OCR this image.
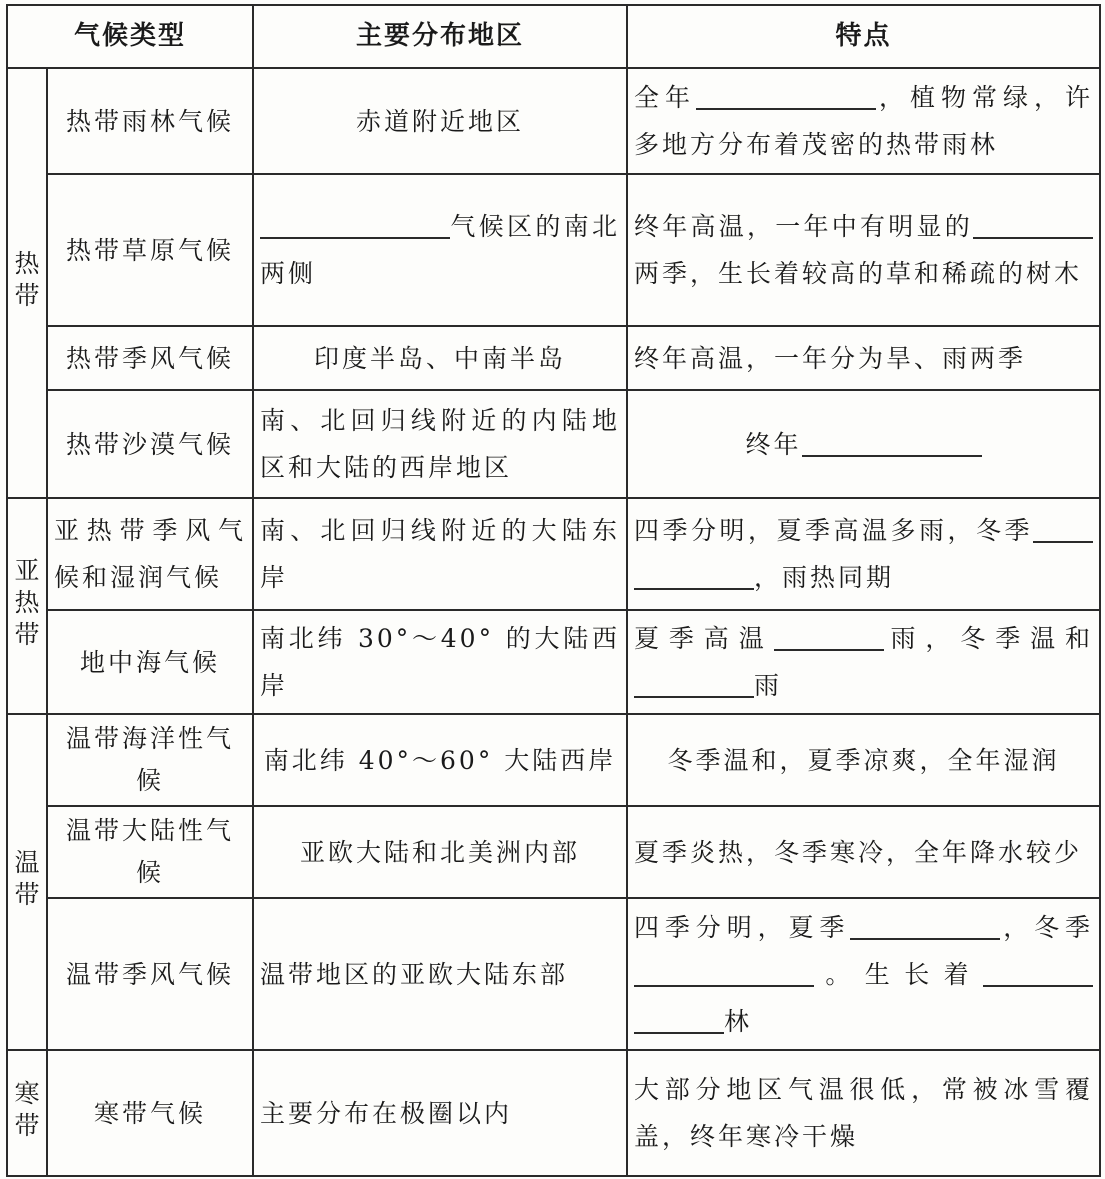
气候类型		主要分布地区	特点
热带	热带雨林气候	赤道附近地区	全年 ，植物常绿，许多地方分布着茂密的热带雨林
	热带草原气候	气候区的南北两侧	终年高温，一年中有明显的两季，生长着较高的草和稀疏的树木
	热带季风气候	印度半岛、中南半岛	终年高温，一年分为旱、雨两季
	热带沙漠气候	南、北回归线附近的内陆地区和大陆的西岸地区	终年
亚热带	亚热带季风气候和湿润气候	南、北回归线附近的大陆东岸	四季分明，夏季高温多雨，冬季，雨热同期
	地中海气候	南北纬 30°～40° 的大陆西岸	夏季高温 雨，冬季温和雨
温带	温带海洋性气候	南北纬 40°～60° 大陆西岸	冬季温和，夏季凉爽，全年湿润
	温带大陆性气候	亚欧大陆和北美洲内部	夏季炎热，冬季寒冷，全年降水较少
	温带季风气候	温带地区的亚欧大陆东部	四季分明，夏季 ，冬季。生长着林
寒带	寒带气候	主要分布在极圈以内	大部分地区气温很低，常被冰雪覆盖，终年寒冷干燥
